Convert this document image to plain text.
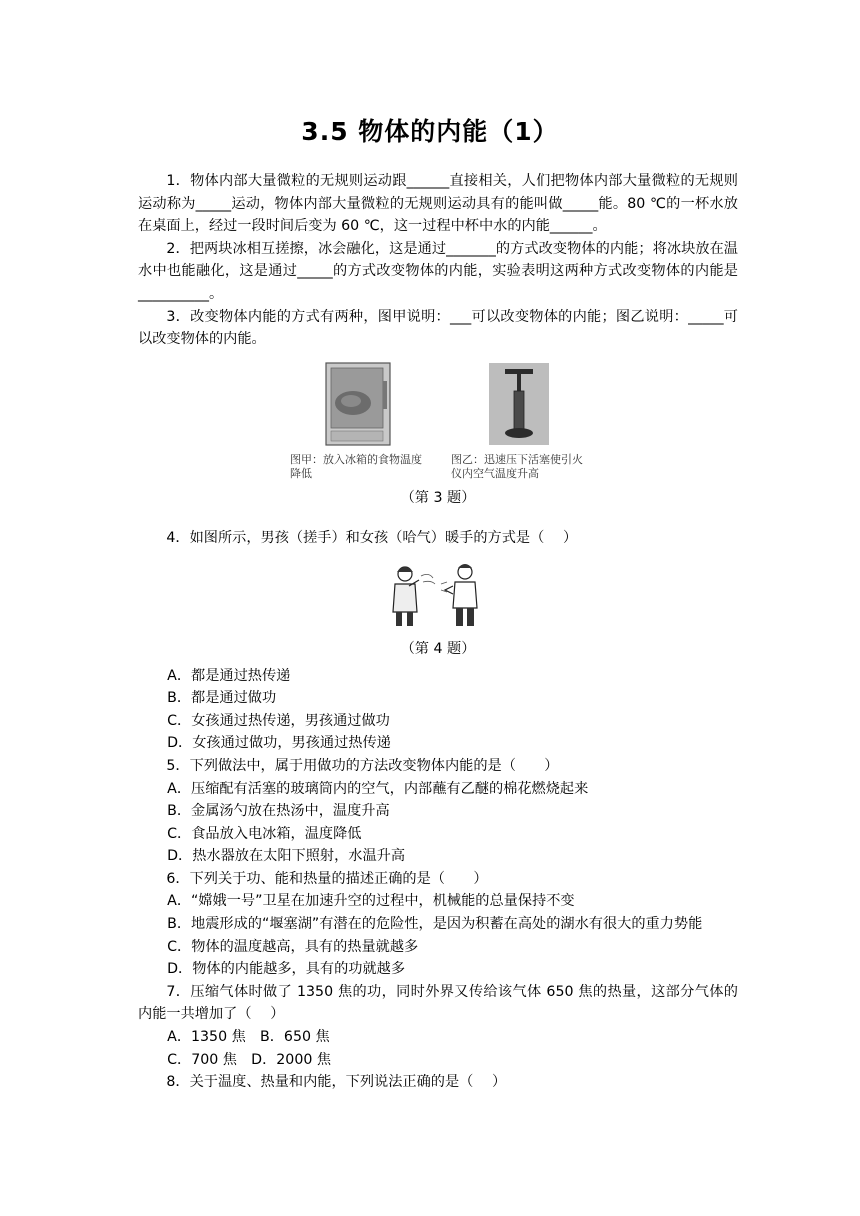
3.5 物体的内能（1）

1．物体内部大量微粒的无规则运动跟______直接相关，人们把物体内部大量微粒的无规则运动称为_____运动，物体内部大量微粒的无规则运动具有的能叫做_____能。80 ℃的一杯水放在桌面上，经过一段时间后变为 60 ℃，这一过程中杯中水的内能______。

2．把两块冰相互搓擦，冰会融化，这是通过_______的方式改变物体的内能；将冰块放在温水中也能融化，这是通过_____的方式改变物体的内能，实验表明这两种方式改变物体的内能是__________。

3．改变物体内能的方式有两种，图甲说明：___可以改变物体的内能；图乙说明：_____可以改变物体的内能。

图甲：放入冰箱的食物温度降低
图乙：迅速压下活塞使引火仪内空气温度升高
（第 3 题）

4．如图所示，男孩（搓手）和女孩（哈气）暖手的方式是（　 ）

（第 4 题）

A．都是通过热传递

B．都是通过做功

C．女孩通过热传递，男孩通过做功

D．女孩通过做功，男孩通过热传递

5．下列做法中，属于用做功的方法改变物体内能的是（　　）

A．压缩配有活塞的玻璃筒内的空气，内部蘸有乙醚的棉花燃烧起来

B．金属汤勺放在热汤中，温度升高

C．食品放入电冰箱，温度降低

D．热水器放在太阳下照射，水温升高

6．下列关于功、能和热量的描述正确的是（　　）

A．“嫦娥一号”卫星在加速升空的过程中，机械能的总量保持不变

B．地震形成的“堰塞湖”有潜在的危险性，是因为积蓄在高处的湖水有很大的重力势能

C．物体的温度越高，具有的热量就越多

D．物体的内能越多，具有的功就越多

7．压缩气体时做了 1350 焦的功，同时外界又传给该气体 650 焦的热量，这部分气体的内能一共增加了（　 ）

A．1350 焦　B．650 焦

C．700 焦　D．2000 焦

8．关于温度、热量和内能，下列说法正确的是（　 ）
